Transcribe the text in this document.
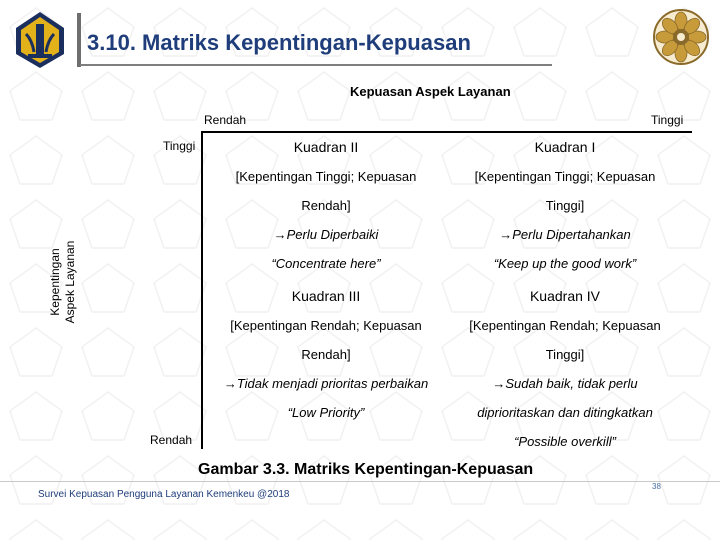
3.10. Matriks Kepentingan-Kepuasan
Kepuasan Aspek Layanan
Rendah	Tinggi
Tinggi
Rendah
Kepentingan Aspek Layanan
Kuadran II
[Kepentingan Tinggi; Kepuasan
Rendah]
→Perlu Diperbaiki
“Concentrate here”
Kuadran I
[Kepentingan Tinggi; Kepuasan
Tinggi]
→Perlu Dipertahankan
“Keep up the good work”
Kuadran III
[Kepentingan Rendah; Kepuasan
Rendah]
→Tidak menjadi prioritas perbaikan
“Low Priority”
Kuadran IV
[Kepentingan Rendah; Kepuasan
Tinggi]
→Sudah baik, tidak perlu
diprioritaskan dan ditingkatkan
“Possible overkill”
Gambar 3.3. Matriks Kepentingan-Kepuasan
Survei Kepuasan Pengguna Layanan Kemenkeu @2018
38
